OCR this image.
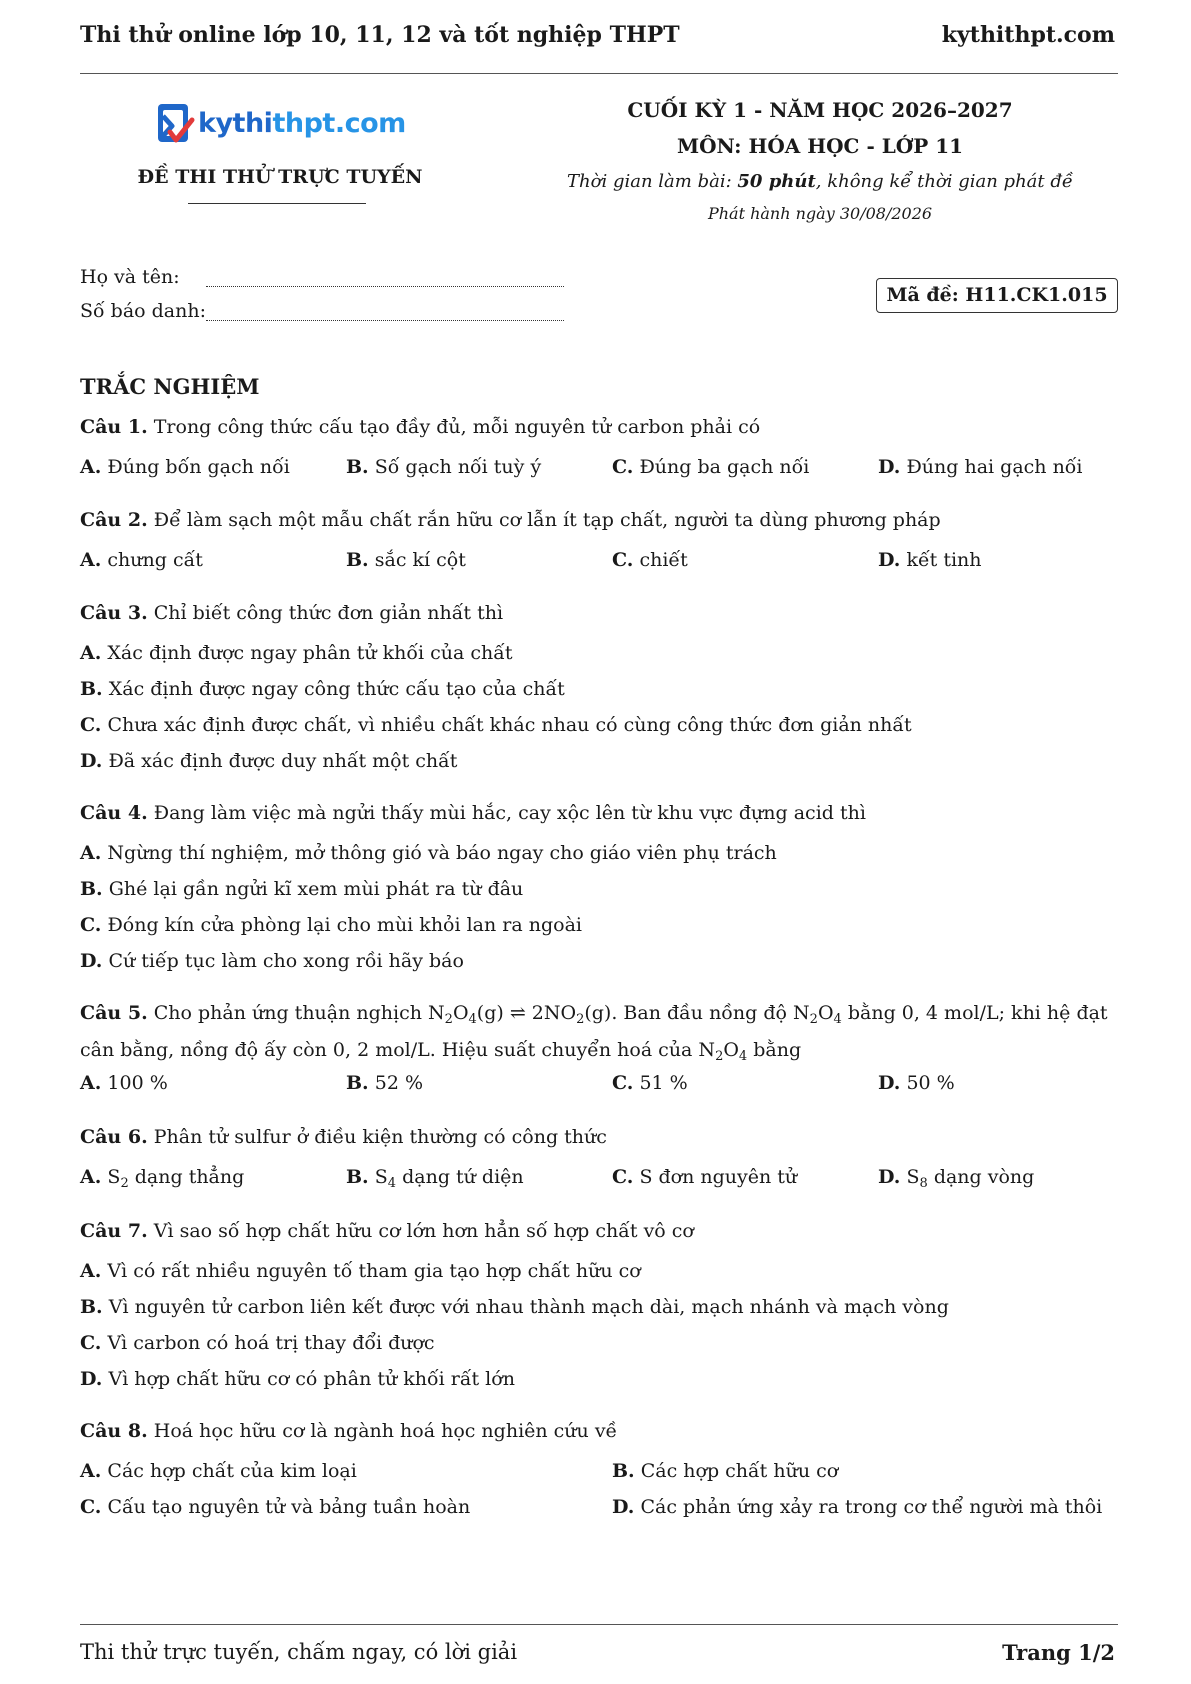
Thi thử online lớp 10, 11, 12 và tốt nghiệp THPT	kythithpt.com
kythithpt.com
ĐỀ THI THỬ TRỰC TUYẾN
CUỐI KỲ 1 - NĂM HỌC 2026–2027
MÔN: HÓA HỌC - LỚP 11
Thời gian làm bài: 50 phút, không kể thời gian phát đề
Phát hành ngày 30/08/2026
Họ và tên:
Số báo danh:
Mã đề: H11.CK1.015
TRẮC NGHIỆM
Câu 1. Trong công thức cấu tạo đầy đủ, mỗi nguyên tử carbon phải có
A. Đúng bốn gạch nối	B. Số gạch nối tuỳ ý	C. Đúng ba gạch nối	D. Đúng hai gạch nối
Câu 2. Để làm sạch một mẫu chất rắn hữu cơ lẫn ít tạp chất, người ta dùng phương pháp
A. chưng cất	B. sắc kí cột	C. chiết	D. kết tinh
Câu 3. Chỉ biết công thức đơn giản nhất thì
A. Xác định được ngay phân tử khối của chất
B. Xác định được ngay công thức cấu tạo của chất
C. Chưa xác định được chất, vì nhiều chất khác nhau có cùng công thức đơn giản nhất
D. Đã xác định được duy nhất một chất
Câu 4. Đang làm việc mà ngửi thấy mùi hắc, cay xộc lên từ khu vực đựng acid thì
A. Ngừng thí nghiệm, mở thông gió và báo ngay cho giáo viên phụ trách
B. Ghé lại gần ngửi kĩ xem mùi phát ra từ đâu
C. Đóng kín cửa phòng lại cho mùi khỏi lan ra ngoài
D. Cứ tiếp tục làm cho xong rồi hãy báo
Câu 5. Cho phản ứng thuận nghịch $N_2O_4(g)$ ⇌ $2NO_2(g)$. Ban đầu nồng độ $N_2O_4$ bằng 0, 4 mol/L; khi hệ đạt
cân bằng, nồng độ ấy còn 0, 2 mol/L. Hiệu suất chuyển hoá của $N_2O_4$ bằng
A. 100 %	B. 52 %	C. 51 %	D. 50 %
Câu 6. Phân tử sulfur ở điều kiện thường có công thức
A. $S_2$ dạng thẳng	B. $S_4$ dạng tứ diện	C. S đơn nguyên tử	D. $S_8$ dạng vòng
Câu 7. Vì sao số hợp chất hữu cơ lớn hơn hẳn số hợp chất vô cơ
A. Vì có rất nhiều nguyên tố tham gia tạo hợp chất hữu cơ
B. Vì nguyên tử carbon liên kết được với nhau thành mạch dài, mạch nhánh và mạch vòng
C. Vì carbon có hoá trị thay đổi được
D. Vì hợp chất hữu cơ có phân tử khối rất lớn
Câu 8. Hoá học hữu cơ là ngành hoá học nghiên cứu về
A. Các hợp chất của kim loại	B. Các hợp chất hữu cơ
C. Cấu tạo nguyên tử và bảng tuần hoàn	D. Các phản ứng xảy ra trong cơ thể người mà thôi
Thi thử trực tuyến, chấm ngay, có lời giải	Trang 1/2
